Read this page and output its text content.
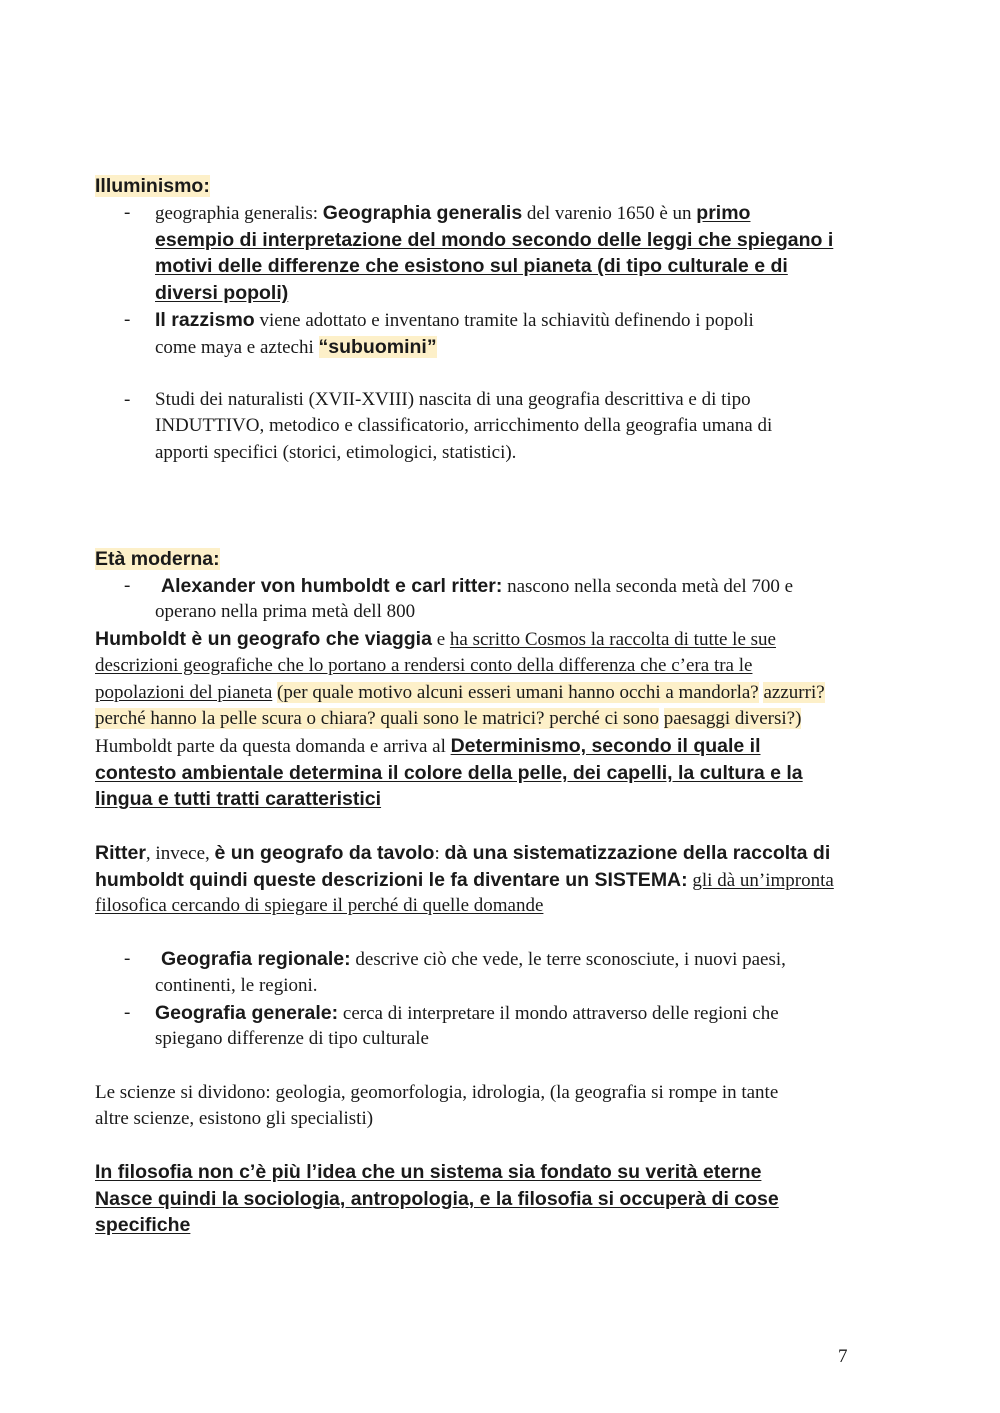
Illuminismo:
- geographia generalis: Geographia generalis del varenio 1650 è un primo
esempio di interpretazione del mondo secondo delle leggi che spiegano i
motivi delle differenze che esistono sul pianeta (di tipo culturale e di
diversi popoli)
- Il razzismo viene adottato e inventano tramite la schiavitù definendo i popoli
come maya e aztechi “subuomini”
- Studi dei naturalisti (XVII-XVIII) nascita di una geografia descrittiva e di tipo
INDUTTIVO, metodico e classificatorio, arricchimento della geografia umana di
apporti specifici (storici, etimologici, statistici).
Età moderna:
- Alexander von humboldt e carl ritter: nascono nella seconda metà del 700 e
operano nella prima metà dell 800
Humboldt è un geografo che viaggia e ha scritto Cosmos la raccolta di tutte le sue
descrizioni geografiche che lo portano a rendersi conto della differenza che c’era tra le
popolazioni del pianeta (per quale motivo alcuni esseri umani hanno occhi a mandorla? azzurri?
perché hanno la pelle scura o chiara? quali sono le matrici? perché ci sono paesaggi diversi?)
Humboldt parte da questa domanda e arriva al Determinismo, secondo il quale il
contesto ambientale determina il colore della pelle, dei capelli, la cultura e la
lingua e tutti tratti caratteristici
Ritter, invece, è un geografo da tavolo: dà una sistematizzazione della raccolta di
humboldt quindi queste descrizioni le fa diventare un SISTEMA: gli dà un’impronta
filosofica cercando di spiegare il perché di quelle domande
- Geografia regionale: descrive ciò che vede, le terre sconosciute, i nuovi paesi,
continenti, le regioni.
- Geografia generale: cerca di interpretare il mondo attraverso delle regioni che
spiegano differenze di tipo culturale
Le scienze si dividono: geologia, geomorfologia, idrologia, (la geografia si rompe in tante
altre scienze, esistono gli specialisti)
In filosofia non c’è più l’idea che un sistema sia fondato su verità eterne
Nasce quindi la sociologia, antropologia, e la filosofia si occuperà di cose
specifiche
7
